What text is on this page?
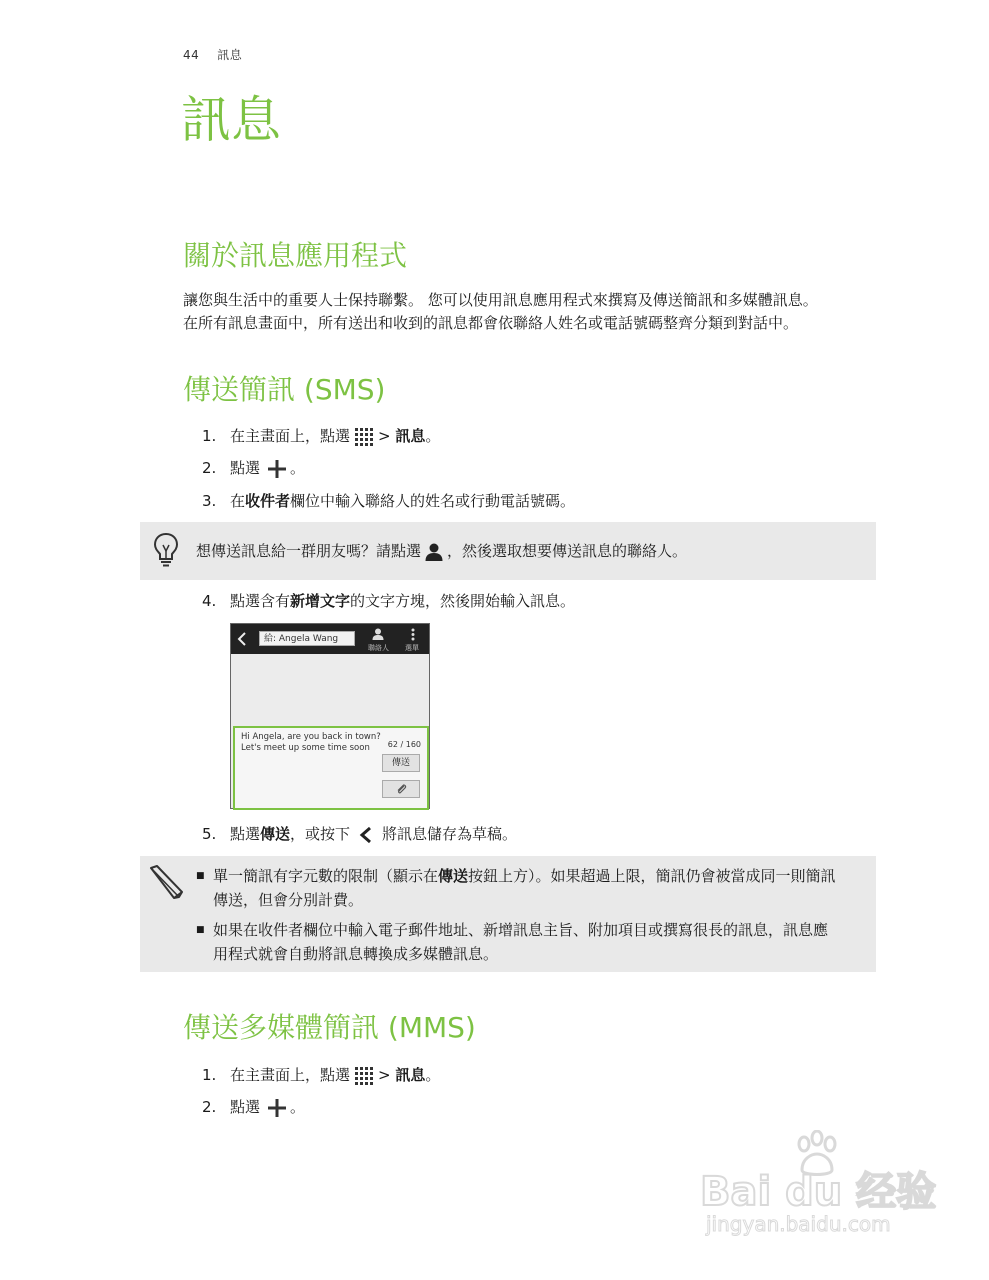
44 訊息
訊息
關於訊息應用程式
讓您與生活中的重要人士保持聯繫。 您可以使用訊息應用程式來撰寫及傳送簡訊和多媒體訊息。
在所有訊息畫面中，所有送出和收到的訊息都會依聯絡人姓名或電話號碼整齊分類到對話中。
傳送簡訊 (SMS)
1. 在主畫面上，點選 > 訊息。
2. 點選 。
3. 在收件者欄位中輸入聯絡人的姓名或行動電話號碼。
想傳送訊息給一群朋友嗎？請點選 ，然後選取想要傳送訊息的聯絡人。
4. 點選含有新增文字的文字方塊，然後開始輸入訊息。
給: Angela Wang
聯絡人 選單
Hi Angela, are you back in town?
Let's meet up some time soon	62 / 160
傳送
5. 點選傳送，或按下 將訊息儲存為草稿。
■ 單一簡訊有字元數的限制（顯示在傳送按鈕上方）。如果超過上限，簡訊仍會被當成同一則簡訊
傳送，但會分別計費。
■ 如果在收件者欄位中輸入電子郵件地址、新增訊息主旨、附加項目或撰寫很長的訊息，訊息應
用程式就會自動將訊息轉換成多媒體訊息。
傳送多媒體簡訊 (MMS)
1. 在主畫面上，點選 > 訊息。
2. 點選 。
Bai du 经验
jingyan.baidu.com
